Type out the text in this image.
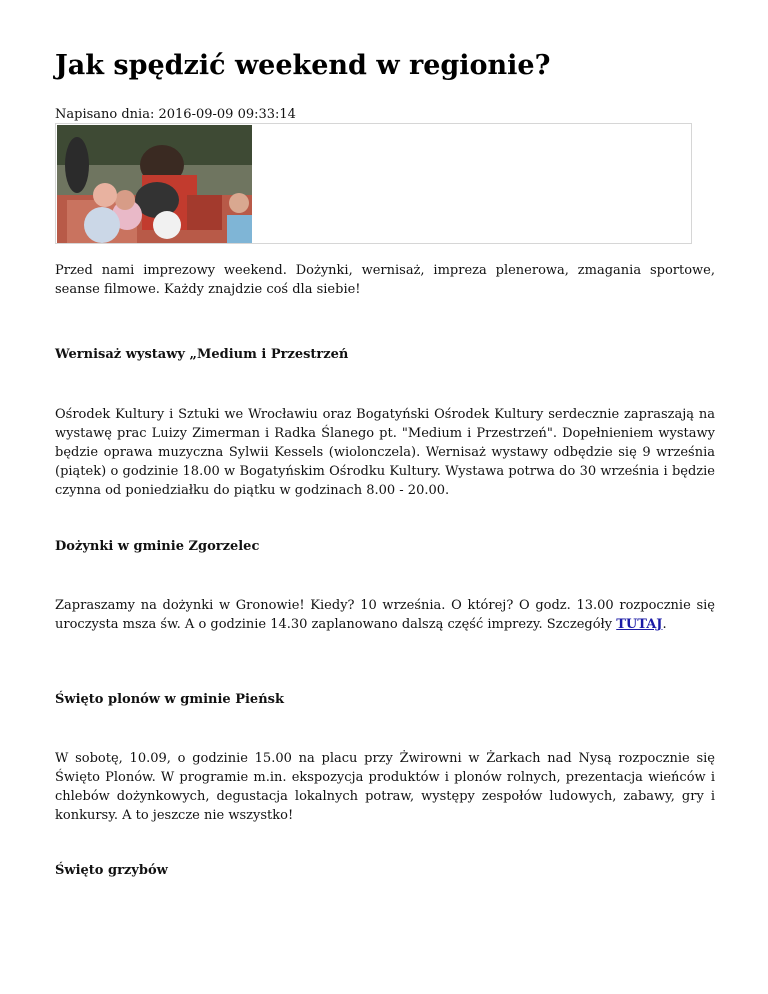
Jak spędzić weekend w regionie?
Napisano dnia: 2016-09-09 09:33:14

Przed nami imprezowy weekend. Dożynki, wernisaż, impreza plenerowa, zmagania sportowe, seanse filmowe. Każdy znajdzie coś dla siebie!

Wernisaż wystawy „Medium i Przestrzeń

Ośrodek Kultury i Sztuki we Wrocławiu oraz Bogatyński Ośrodek Kultury serdecznie zapraszają na wystawę prac Luizy Zimerman i Radka Ślanego pt. "Medium i Przestrzeń". Dopełnieniem wystawy będzie oprawa muzyczna Sylwii Kessels (wiolonczela). Wernisaż wystawy odbędzie się 9 września (piątek) o godzinie 18.00 w Bogatyńskim Ośrodku Kultury. Wystawa potrwa do 30 września i będzie czynna od poniedziałku do piątku w godzinach 8.00 - 20.00.

Dożynki w gminie Zgorzelec

Zapraszamy na dożynki w Gronowie! Kiedy? 10 września. O której? O godz. 13.00 rozpocznie się uroczysta msza św. A o godzinie 14.30 zaplanowano dalszą część imprezy. Szczegóły TUTAJ.

Święto plonów w gminie Pieńsk

W sobotę, 10.09, o godzinie 15.00 na placu przy Żwirowni w Żarkach nad Nysą rozpocznie się Święto Plonów. W programie m.in. ekspozycja produktów i plonów rolnych, prezentacja wieńców i chlebów dożynkowych, degustacja lokalnych potraw, występy zespołów ludowych, zabawy, gry i konkursy. A to jeszcze nie wszystko!

Święto grzybów
